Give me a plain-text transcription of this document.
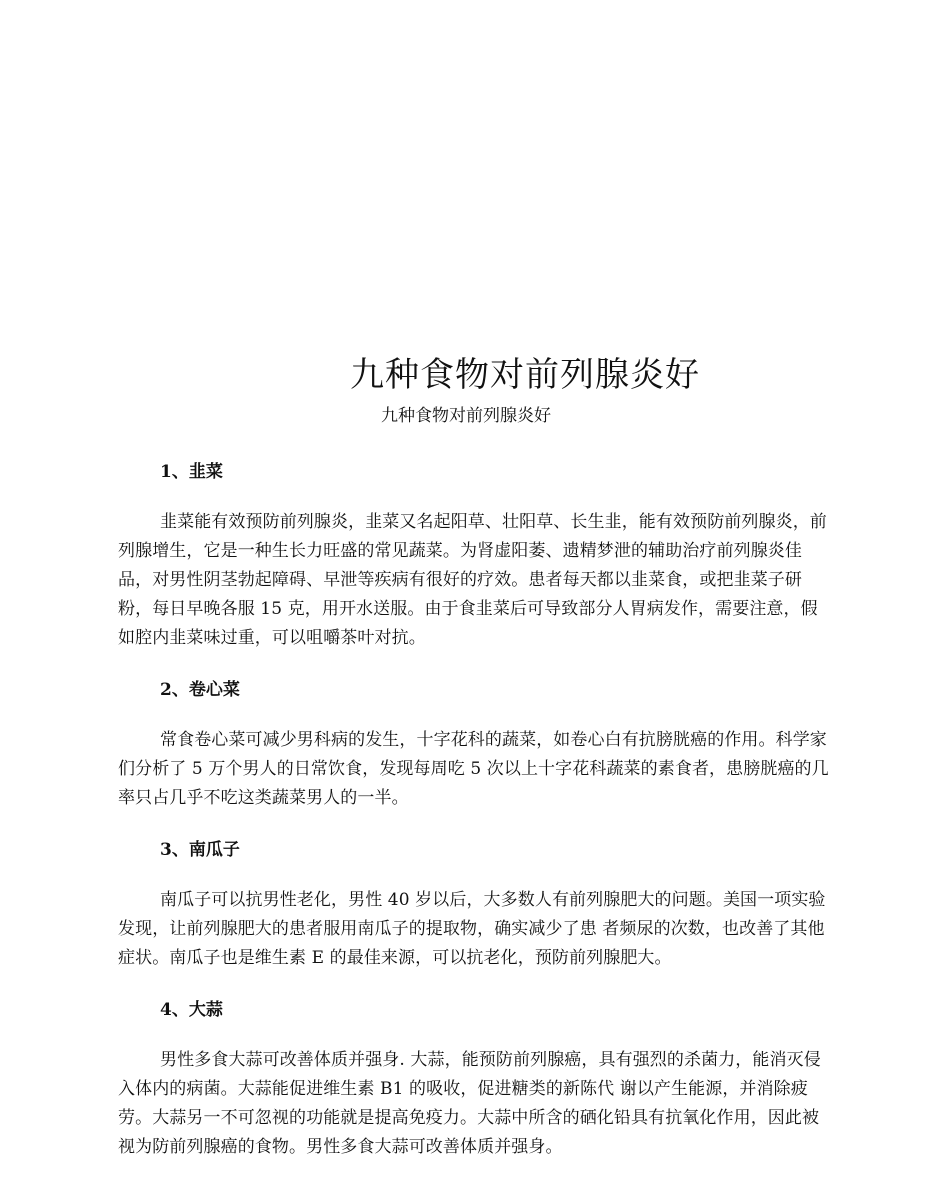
九种食物对前列腺炎好

九种食物对前列腺炎好

1、韭菜

韭菜能有效预防前列腺炎，韭菜又名起阳草、壮阳草、长生韭，能有效预防前列腺炎，前列腺增生，它是一种生长力旺盛的常见蔬菜。为肾虚阳萎、遗精梦泄的辅助治疗前列腺炎佳品，对男性阴茎勃起障碍、早泄等疾病有很好的疗效。患者每天都以韭菜食，或把韭菜子研粉，每日早晚各服 15 克，用开水送服。由于食韭菜后可导致部分人胃病发作，需要注意，假如腔内韭菜味过重，可以咀嚼茶叶对抗。

2、卷心菜

常食卷心菜可减少男科病的发生，十字花科的蔬菜，如卷心白有抗膀胱癌的作用。科学家们分析了 5 万个男人的日常饮食，发现每周吃 5 次以上十字花科蔬菜的素食者，患膀胱癌的几率只占几乎不吃这类蔬菜男人的一半。

3、南瓜子

南瓜子可以抗男性老化，男性 40 岁以后，大多数人有前列腺肥大的问题。美国一项实验发现，让前列腺肥大的患者服用南瓜子的提取物，确实减少了患 者频尿的次数，也改善了其他症状。南瓜子也是维生素 E 的最佳来源，可以抗老化，预防前列腺肥大。

4、大蒜

男性多食大蒜可改善体质并强身. 大蒜，能预防前列腺癌，具有强烈的杀菌力，能消灭侵入体内的病菌。大蒜能促进维生素 B1 的吸收，促进糖类的新陈代 谢以产生能源，并消除疲劳。大蒜另一不可忽视的功能就是提高免疫力。大蒜中所含的硒化铅具有抗氧化作用，因此被视为防前列腺癌的食物。男性多食大蒜可改善体质并强身。
